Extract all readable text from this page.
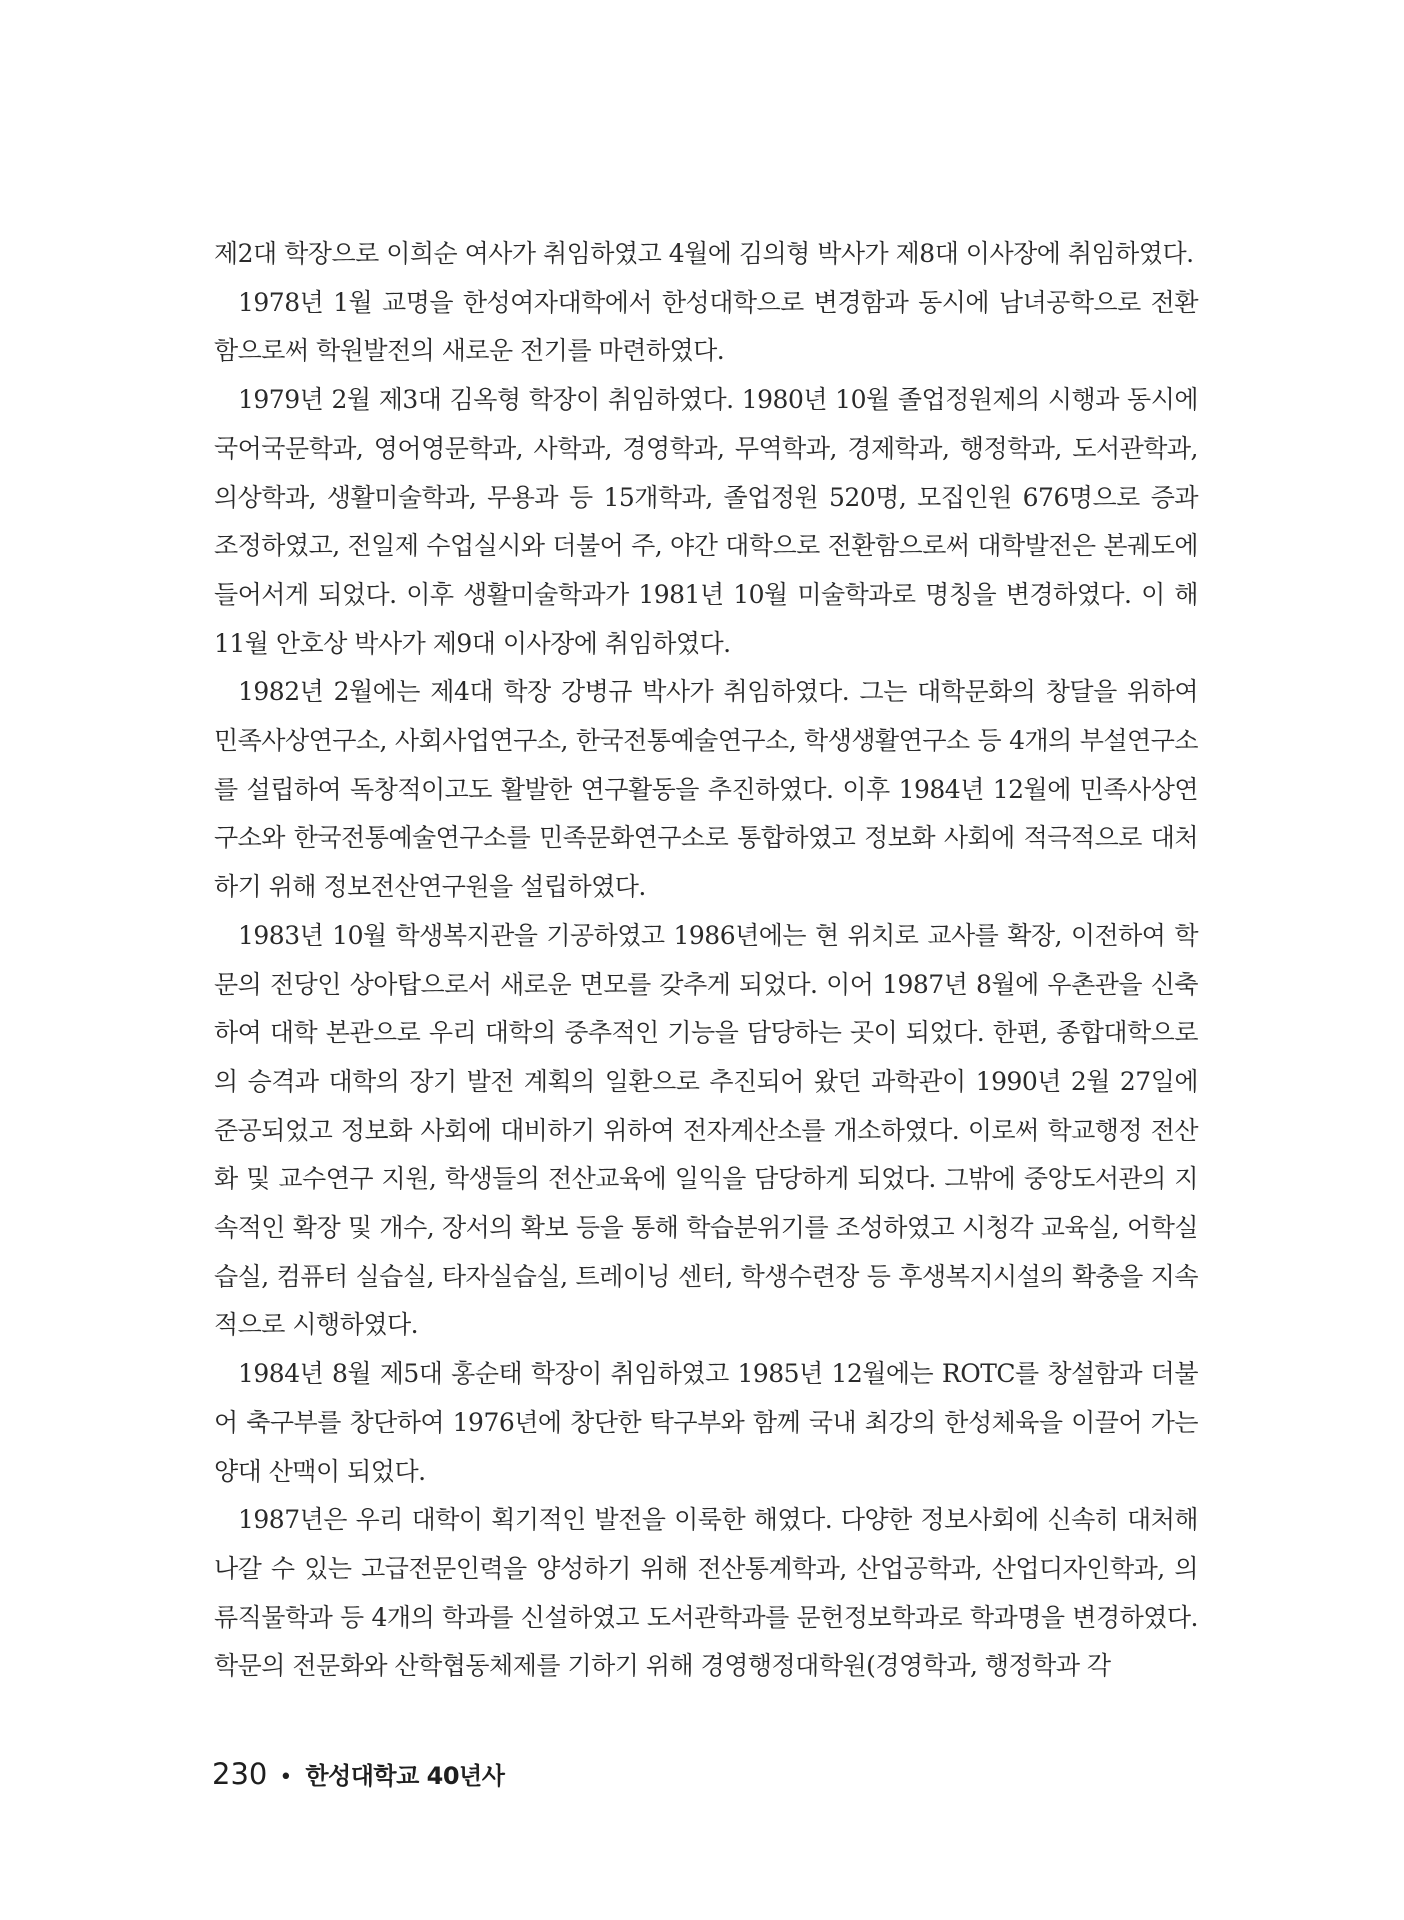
제2대 학장으로 이희순 여사가 취임하였고 4월에 김의형 박사가 제8대 이사장에 취임하였다.

1978년 1월 교명을 한성여자대학에서 한성대학으로 변경함과 동시에 남녀공학으로 전환함으로써 학원발전의 새로운 전기를 마련하였다.

1979년 2월 제3대 김옥형 학장이 취임하였다. 1980년 10월 졸업정원제의 시행과 동시에 국어국문학과, 영어영문학과, 사학과, 경영학과, 무역학과, 경제학과, 행정학과, 도서관학과, 의상학과, 생활미술학과, 무용과 등 15개학과, 졸업정원 520명, 모집인원 676명으로 증과 조정하였고, 전일제 수업실시와 더불어 주, 야간 대학으로 전환함으로써 대학발전은 본궤도에 들어서게 되었다. 이후 생활미술학과가 1981년 10월 미술학과로 명칭을 변경하였다. 이 해 11월 안호상 박사가 제9대 이사장에 취임하였다.

1982년 2월에는 제4대 학장 강병규 박사가 취임하였다. 그는 대학문화의 창달을 위하여 민족사상연구소, 사회사업연구소, 한국전통예술연구소, 학생생활연구소 등 4개의 부설연구소를 설립하여 독창적이고도 활발한 연구활동을 추진하였다. 이후 1984년 12월에 민족사상연구소와 한국전통예술연구소를 민족문화연구소로 통합하였고 정보화 사회에 적극적으로 대처하기 위해 정보전산연구원을 설립하였다.

1983년 10월 학생복지관을 기공하였고 1986년에는 현 위치로 교사를 확장, 이전하여 학문의 전당인 상아탑으로서 새로운 면모를 갖추게 되었다. 이어 1987년 8월에 우촌관을 신축하여 대학 본관으로 우리 대학의 중추적인 기능을 담당하는 곳이 되었다. 한편, 종합대학으로의 승격과 대학의 장기 발전 계획의 일환으로 추진되어 왔던 과학관이 1990년 2월 27일에 준공되었고 정보화 사회에 대비하기 위하여 전자계산소를 개소하였다. 이로써 학교행정 전산화 및 교수연구 지원, 학생들의 전산교육에 일익을 담당하게 되었다. 그밖에 중앙도서관의 지속적인 확장 및 개수, 장서의 확보 등을 통해 학습분위기를 조성하였고 시청각 교육실, 어학실습실, 컴퓨터 실습실, 타자실습실, 트레이닝 센터, 학생수련장 등 후생복지시설의 확충을 지속적으로 시행하였다.

1984년 8월 제5대 홍순태 학장이 취임하였고 1985년 12월에는 ROTC를 창설함과 더불어 축구부를 창단하여 1976년에 창단한 탁구부와 함께 국내 최강의 한성체육을 이끌어 가는 양대 산맥이 되었다.

1987년은 우리 대학이 획기적인 발전을 이룩한 해였다. 다양한 정보사회에 신속히 대처해 나갈 수 있는 고급전문인력을 양성하기 위해 전산통계학과, 산업공학과, 산업디자인학과, 의류직물학과 등 4개의 학과를 신설하였고 도서관학과를 문헌정보학과로 학과명을 변경하였다. 학문의 전문화와 산학협동체제를 기하기 위해 경영행정대학원(경영학과, 행정학과 각

230 • 한성대학교 40년사
